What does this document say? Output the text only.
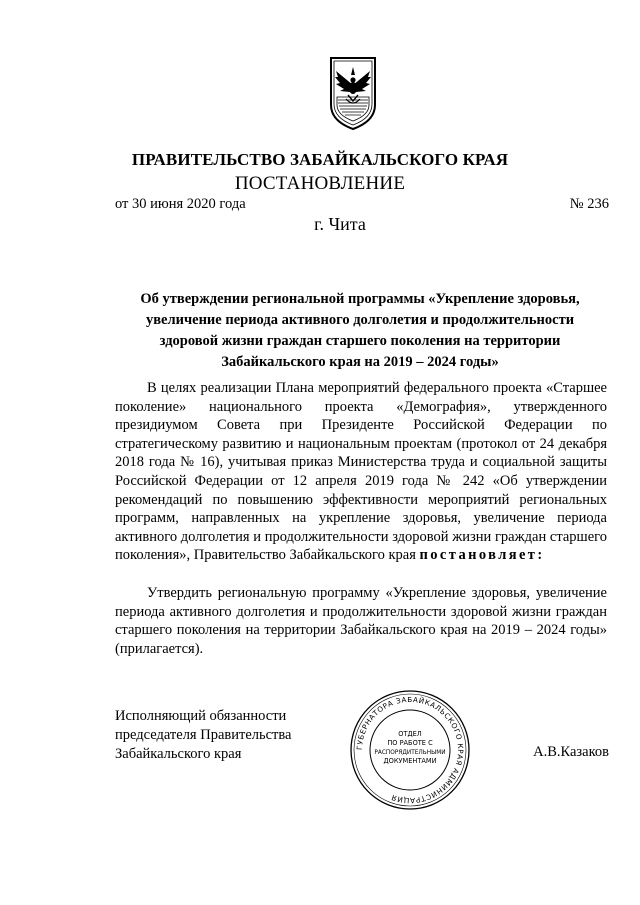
ПРАВИТЕЛЬСТВО ЗАБАЙКАЛЬСКОГО КРАЯ
ПОСТАНОВЛЕНИЕ
от 30 июня 2020 года	№ 236
г. Чита
Об утверждении региональной программы «Укрепление здоровья,
увеличение периода активного долголетия и продолжительности
здоровой жизни граждан старшего поколения на территории
Забайкальского края на 2019 – 2024 годы»
В целях реализации Плана мероприятий федерального проекта «Старшее поколение» национального проекта «Демография», утвержденного президиумом Совета при Президенте Российской Федерации по стратегическому развитию и национальным проектам (протокол от 24 декабря 2018 года № 16), учитывая приказ Министерства труда и социальной защиты Российской Федерации от 12 апреля 2019 года № 242 «Об утверждении рекомендаций по повышению эффективности мероприятий региональных программ, направленных на укрепление здоровья, увеличение периода активного долголетия и продолжительности здоровой жизни граждан старшего поколения», Правительство Забайкальского края постановляет:
Утвердить региональную программу «Укрепление здоровья, увеличение периода активного долголетия и продолжительности здоровой жизни граждан старшего поколения на территории Забайкальского края на 2019 – 2024 годы» (прилагается).
Исполняющий обязанности
председателя Правительства
Забайкальского края	ГУБЕРНАТОРА ЗАБАЙКАЛЬСКОГО КРАЯ АДМИНИСТРАЦИЯ
ОТДЕЛ
ПО РАБОТЕ С
РАСПОРЯДИТЕЛЬНЫМИ
ДОКУМЕНТАМИ
А.В.Казаков
